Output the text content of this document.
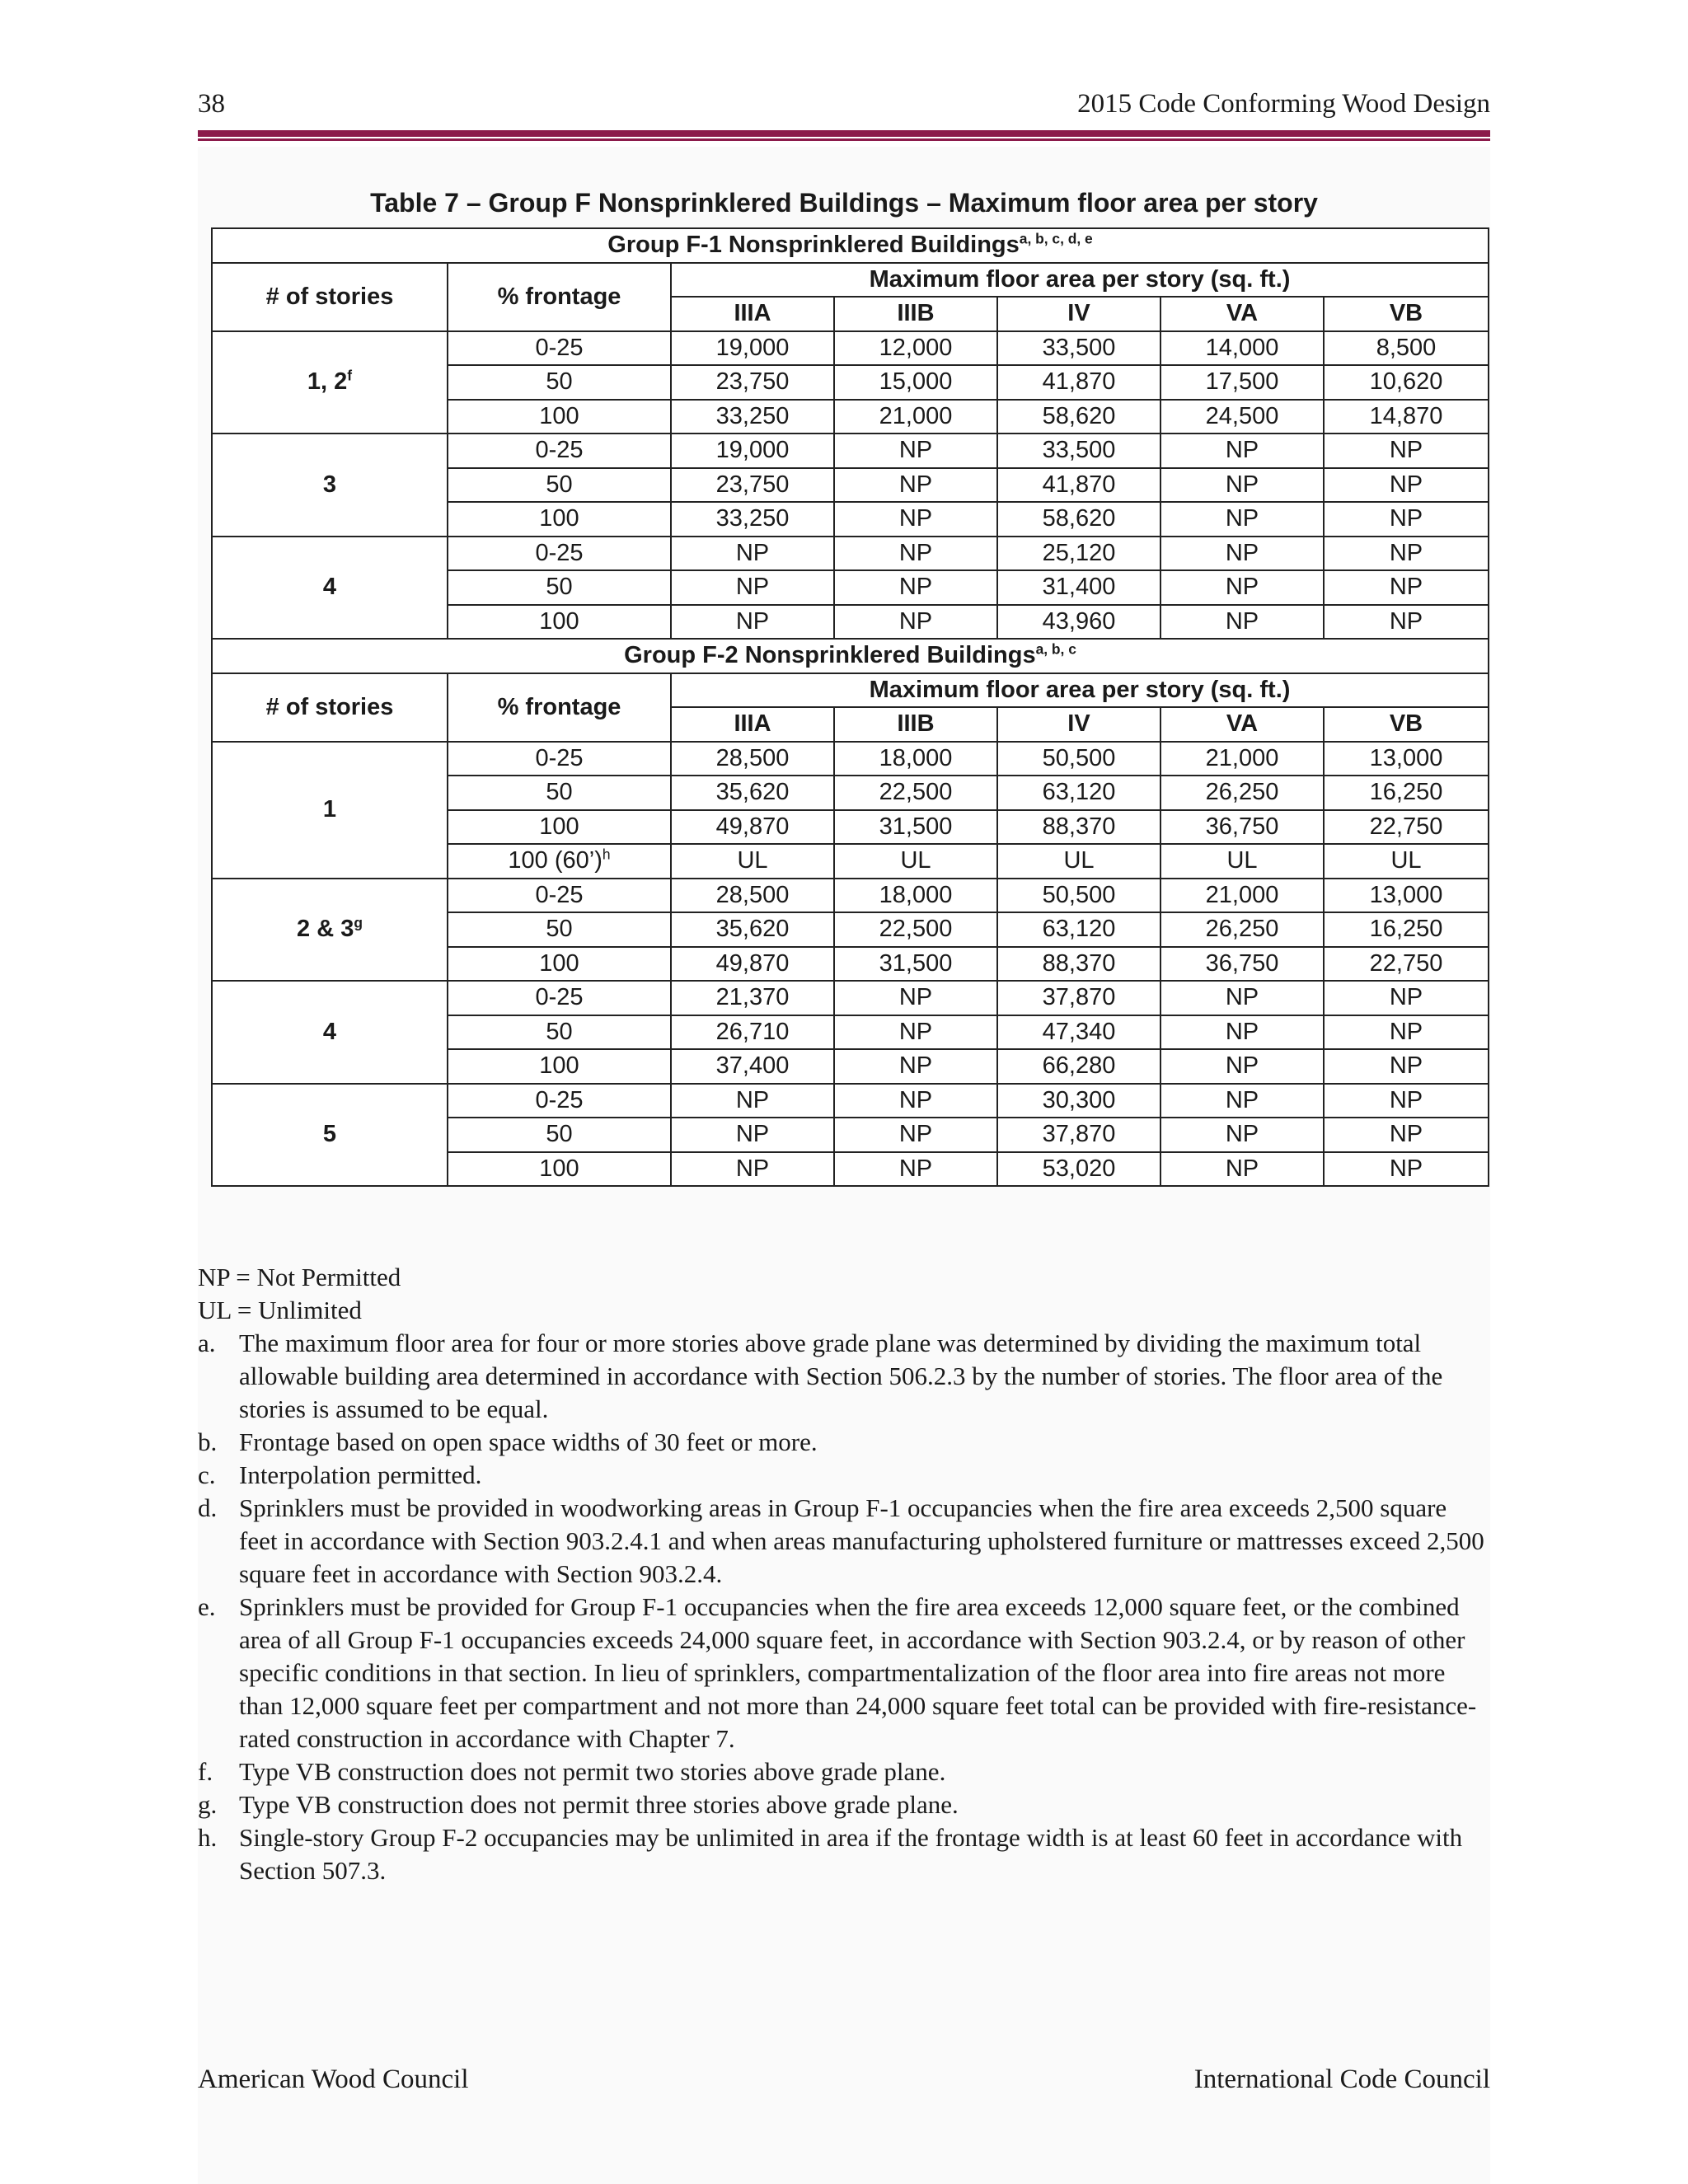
38	2015 Code Conforming Wood Design
Table 7 – Group F Nonsprinklered Buildings – Maximum floor area per story
Group F-1 Nonsprinklered Buildings$^{a, b, c, d, e}$
# of stories	% frontage	Maximum floor area per story (sq. ft.)				
		IIIA	IIIB	IV	VA	VB
1, 2$^f$	0-25	19,000	12,000	33,500	14,000	8,500
	50	23,750	15,000	41,870	17,500	10,620
	100	33,250	21,000	58,620	24,500	14,870
3	0-25	19,000	NP	33,500	NP	NP
	50	23,750	NP	41,870	NP	NP
	100	33,250	NP	58,620	NP	NP
4	0-25	NP	NP	25,120	NP	NP
	50	NP	NP	31,400	NP	NP
	100	NP	NP	43,960	NP	NP
Group F-2 Nonsprinklered Buildings$^{a, b, c}$
# of stories	% frontage	Maximum floor area per story (sq. ft.)				
		IIIA	IIIB	IV	VA	VB
1	0-25	28,500	18,000	50,500	21,000	13,000
	50	35,620	22,500	63,120	26,250	16,250
	100	49,870	31,500	88,370	36,750	22,750
	100 (60’)$^h$	UL	UL	UL	UL	UL
2 & 3$^g$	0-25	28,500	18,000	50,500	21,000	13,000
	50	35,620	22,500	63,120	26,250	16,250
	100	49,870	31,500	88,370	36,750	22,750
4	0-25	21,370	NP	37,870	NP	NP
	50	26,710	NP	47,340	NP	NP
	100	37,400	NP	66,280	NP	NP
5	0-25	NP	NP	30,300	NP	NP
	50	NP	NP	37,870	NP	NP
	100	NP	NP	53,020	NP	NP

NP = Not Permitted

UL = Unlimited

a. The maximum floor area for four or more stories above grade plane was determined by dividing the maximum total allowable building area determined in accordance with Section 506.2.3 by the number of stories. The floor area of the stories is assumed to be equal.

b. Frontage based on open space widths of 30 feet or more.

c. Interpolation permitted.

d. Sprinklers must be provided in woodworking areas in Group F-1 occupancies when the fire area exceeds 2,500 square feet in accordance with Section 903.2.4.1 and when areas manufacturing upholstered furniture or mattresses exceed 2,500 square feet in accordance with Section 903.2.4.

e. Sprinklers must be provided for Group F-1 occupancies when the fire area exceeds 12,000 square feet, or the combined area of all Group F-1 occupancies exceeds 24,000 square feet, in accordance with Section 903.2.4, or by reason of other specific conditions in that section. In lieu of sprinklers, compartmentalization of the floor area into fire areas not more than 12,000 square feet per compartment and not more than 24,000 square feet total can be provided with fire-resistance-rated construction in accordance with Chapter 7.

f. Type VB construction does not permit two stories above grade plane.

g. Type VB construction does not permit three stories above grade plane.

h. Single-story Group F-2 occupancies may be unlimited in area if the frontage width is at least 60 feet in accordance with Section 507.3.

American Wood Council	International Code Council
